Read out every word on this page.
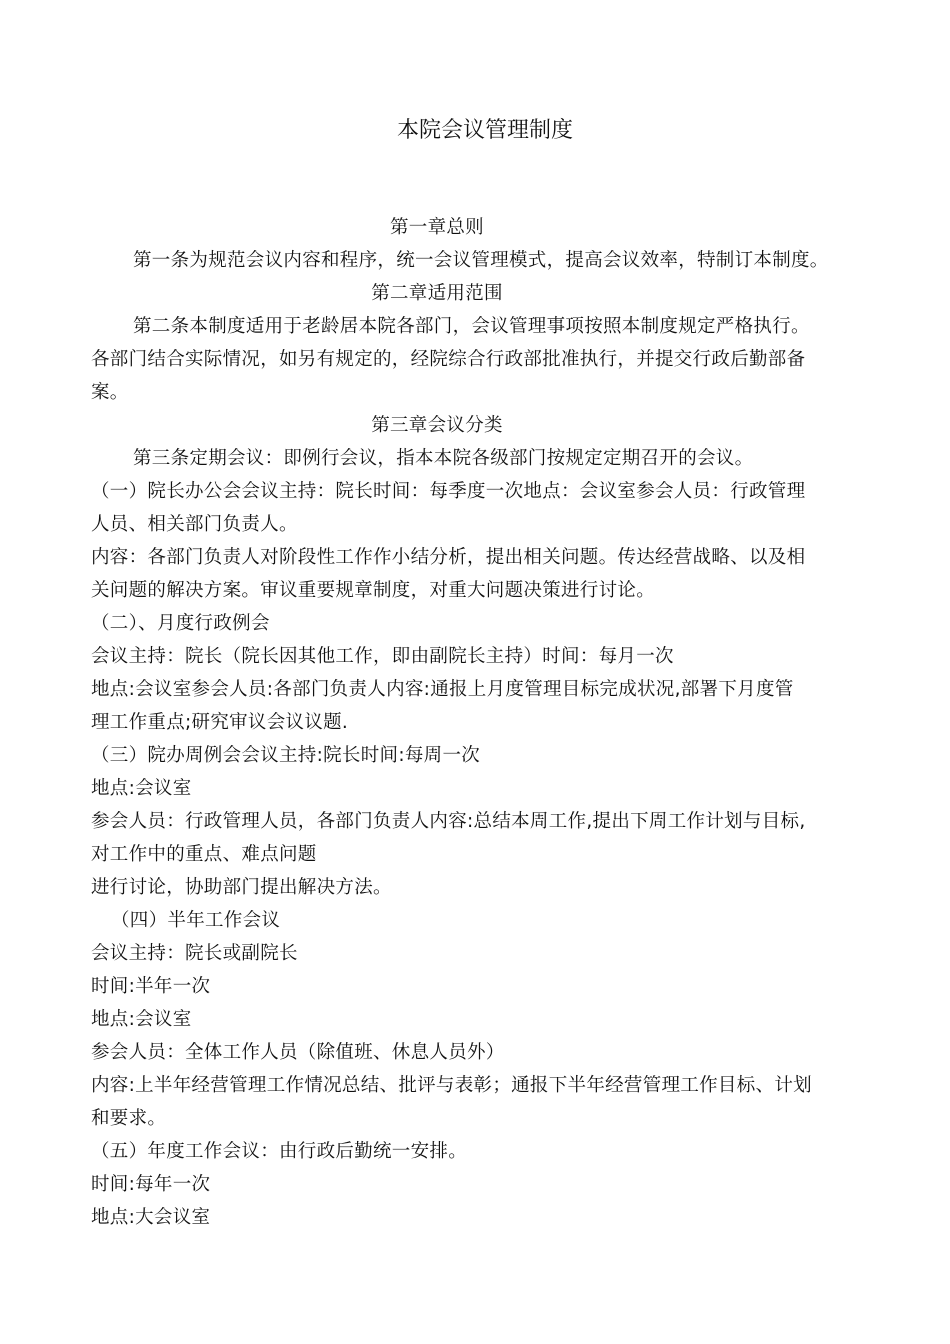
本院会议管理制度
第一章总则
第一条为规范会议内容和程序，统一会议管理模式，提高会议效率，特制订本制度。
第二章适用范围
第二条本制度适用于老龄居本院各部门，会议管理事项按照本制度规定严格执行。
各部门结合实际情况，如另有规定的，经院综合行政部批准执行，并提交行政后勤部备
案。
第三章会议分类
第三条定期会议：即例行会议，指本本院各级部门按规定定期召开的会议。
（一）院长办公会会议主持：院长时间：每季度一次地点：会议室参会人员：行政管理
人员、相关部门负责人。
内容：各部门负责人对阶段性工作作小结分析，提出相关问题。传达经营战略、以及相
关问题的解决方案。审议重要规章制度，对重大问题决策进行讨论。
（二）、月度行政例会
会议主持：院长（院长因其他工作，即由副院长主持）时间：每月一次
地点:会议室参会人员:各部门负责人内容:通报上月度管理目标完成状况,部署下月度管
理工作重点;研究审议会议议题.
（三）院办周例会会议主持:院长时间:每周一次
地点:会议室
参会人员：行政管理人员，各部门负责人内容:总结本周工作,提出下周工作计划与目标,
对工作中的重点、难点问题
进行讨论，协助部门提出解决方法。
（四）半年工作会议
会议主持：院长或副院长
时间:半年一次
地点:会议室
参会人员：全体工作人员（除值班、休息人员外）
内容:上半年经营管理工作情况总结、批评与表彰；通报下半年经营管理工作目标、计划
和要求。
（五）年度工作会议：由行政后勤统一安排。
时间:每年一次
地点:大会议室
